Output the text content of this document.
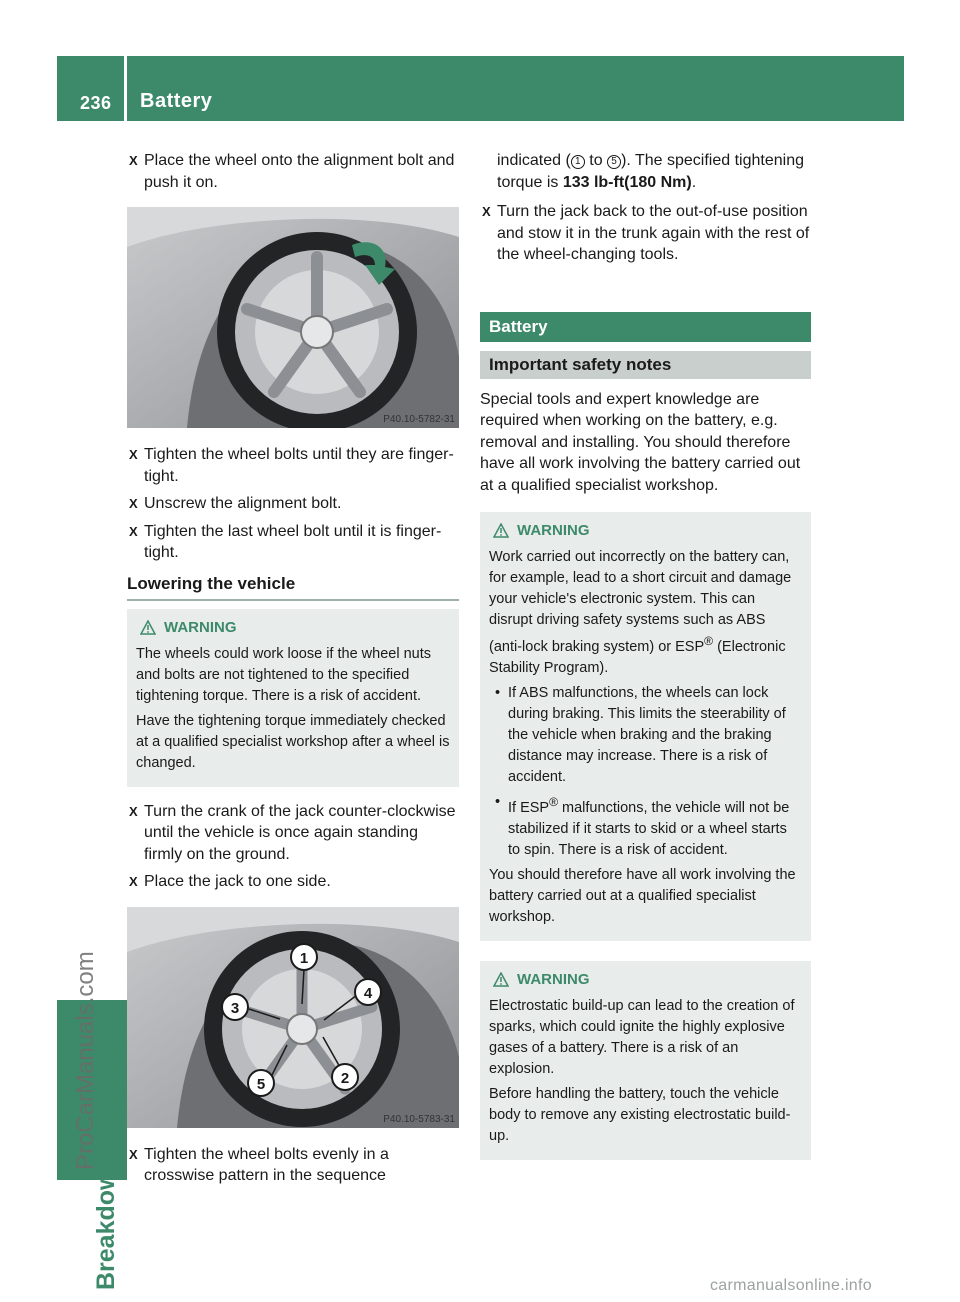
236 Battery
Breakdown assistance
ProCarManuals.com
X Place the wheel onto the alignment bolt and push it on.
P40.10-5782-31
X Tighten the wheel bolts until they are finger-tight.
X Unscrew the alignment bolt.
X Tighten the last wheel bolt until it is finger-tight.
Lowering the vehicle
WARNING

The wheels could work loose if the wheel nuts and bolts are not tightened to the specified tightening torque. There is a risk of accident.

Have the tightening torque immediately checked at a qualified specialist workshop after a wheel is changed.

X Turn the crank of the jack counter-clockwise until the vehicle is once again standing firmly on the ground.
X Place the jack to one side.
1
2
3
4
5
P40.10-5783-31
X Tighten the wheel bolts evenly in a crosswise pattern in the sequence
indicated ( 1 to 5 ). The specified tightening torque is 133 lb-ft(180 Nm).
X Turn the jack back to the out-of-use position and stow it in the trunk again with the rest of the wheel-changing tools.
Battery
Important safety notes
Special tools and expert knowledge are required when working on the battery, e.g. removal and installing. You should therefore have all work involving the battery carried out at a qualified specialist workshop.
WARNING

Work carried out incorrectly on the battery can, for example, lead to a short circuit and damage your vehicle's electronic system. This can disrupt driving safety systems such as ABS (anti-lock braking system) or ESP® (Electronic Stability Program).

• If ABS malfunctions, the wheels can lock during braking. This limits the steerability of the vehicle when braking and the braking distance may increase. There is a risk of accident.
• If ESP® malfunctions, the vehicle will not be stabilized if it starts to skid or a wheel starts to spin. There is a risk of accident.

You should therefore have all work involving the battery carried out at a qualified specialist workshop.

WARNING

Electrostatic build-up can lead to the creation of sparks, which could ignite the highly explosive gases of a battery. There is a risk of an explosion.

Before handling the battery, touch the vehicle body to remove any existing electrostatic build-up.

carmanualsonline.info
